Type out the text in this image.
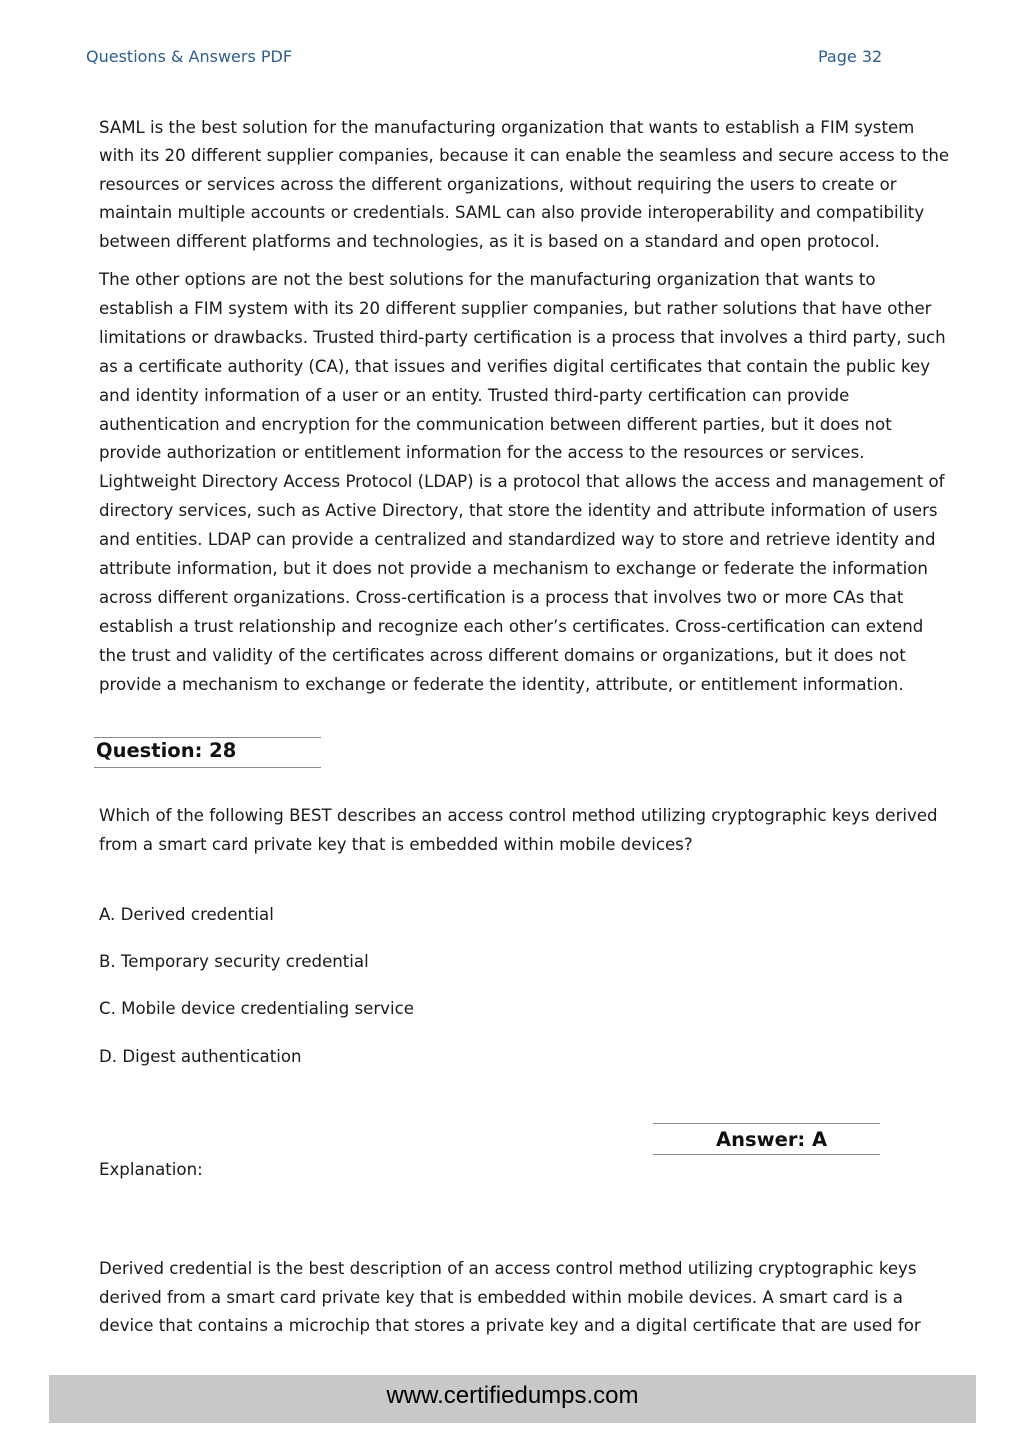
Questions & Answers PDF	Page 32

SAML is the best solution for the manufacturing organization that wants to establish a FIM system
with its 20 different supplier companies, because it can enable the seamless and secure access to the
resources or services across the different organizations, without requiring the users to create or
maintain multiple accounts or credentials. SAML can also provide interoperability and compatibility
between different platforms and technologies, as it is based on a standard and open protocol.

The other options are not the best solutions for the manufacturing organization that wants to
establish a FIM system with its 20 different supplier companies, but rather solutions that have other
limitations or drawbacks. Trusted third-party certification is a process that involves a third party, such
as a certificate authority (CA), that issues and verifies digital certificates that contain the public key
and identity information of a user or an entity. Trusted third-party certification can provide
authentication and encryption for the communication between different parties, but it does not
provide authorization or entitlement information for the access to the resources or services.
Lightweight Directory Access Protocol (LDAP) is a protocol that allows the access and management of
directory services, such as Active Directory, that store the identity and attribute information of users
and entities. LDAP can provide a centralized and standardized way to store and retrieve identity and
attribute information, but it does not provide a mechanism to exchange or federate the information
across different organizations. Cross-certification is a process that involves two or more CAs that
establish a trust relationship and recognize each other’s certificates. Cross-certification can extend
the trust and validity of the certificates across different domains or organizations, but it does not
provide a mechanism to exchange or federate the identity, attribute, or entitlement information.

Question: 28

Which of the following BEST describes an access control method utilizing cryptographic keys derived
from a smart card private key that is embedded within mobile devices?

A. Derived credential
B. Temporary security credential
C. Mobile device credentialing service
D. Digest authentication
Answer: A
Explanation:

Derived credential is the best description of an access control method utilizing cryptographic keys
derived from a smart card private key that is embedded within mobile devices. A smart card is a
device that contains a microchip that stores a private key and a digital certificate that are used for

www.certifiedumps.com
